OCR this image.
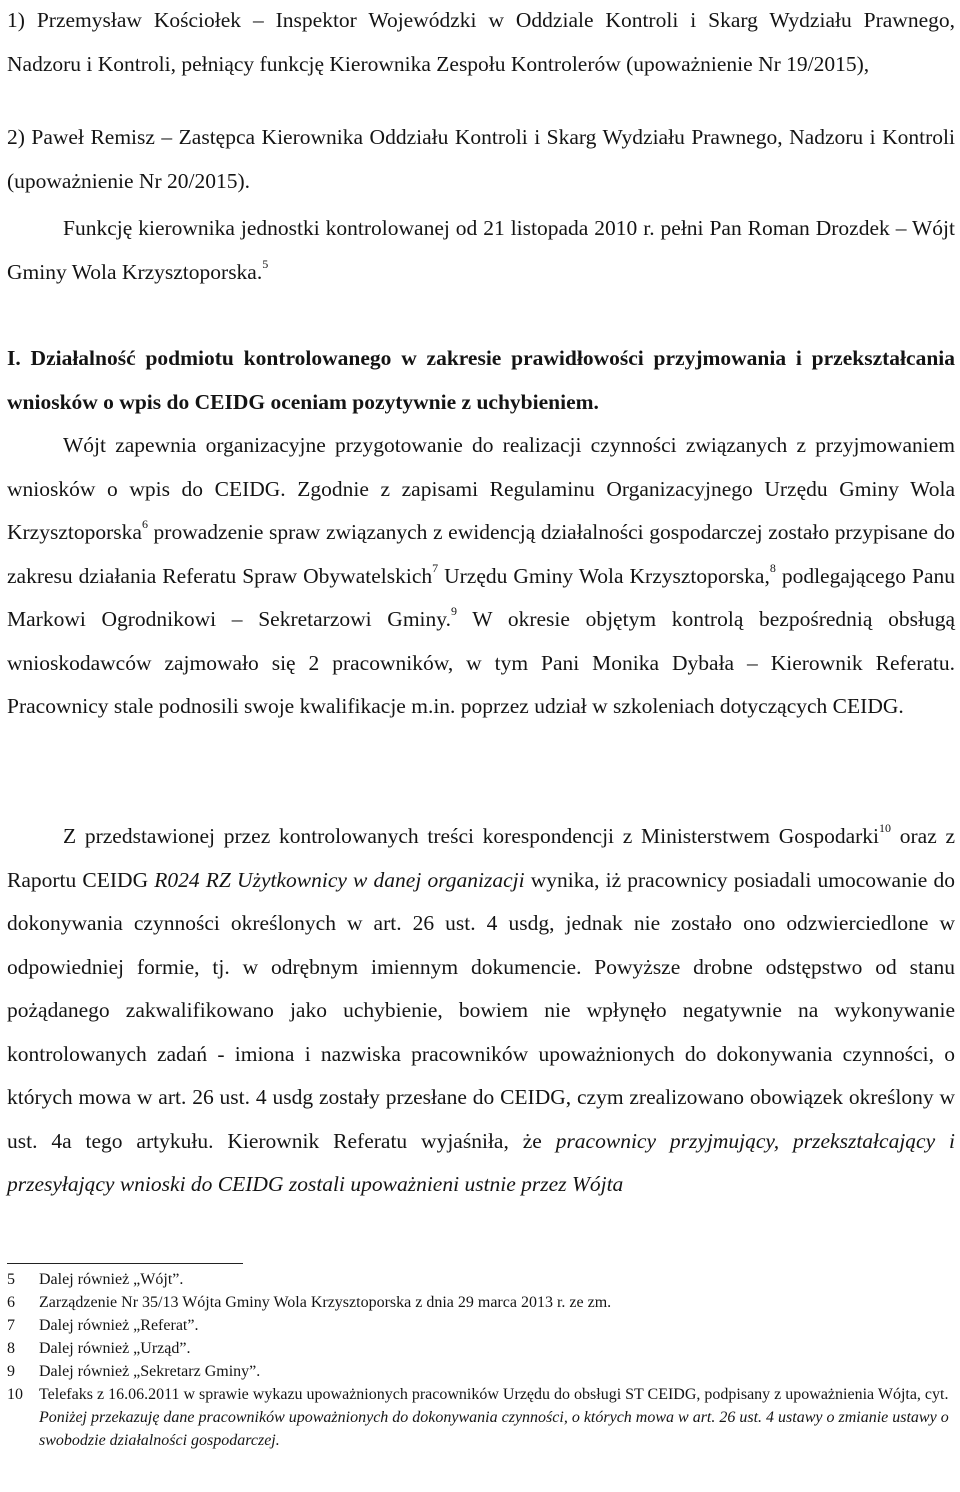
1) Przemysław Kościołek – Inspektor Wojewódzki w Oddziale Kontroli i Skarg Wydziału Prawnego, Nadzoru i Kontroli, pełniący funkcję Kierownika Zespołu Kontrolerów (upoważnienie Nr 19/2015),

2) Paweł Remisz – Zastępca Kierownika Oddziału Kontroli i Skarg Wydziału Prawnego, Nadzoru i Kontroli (upoważnienie Nr 20/2015).

Funkcję kierownika jednostki kontrolowanej od 21 listopada 2010 r. pełni Pan Roman Drozdek – Wójt Gminy Wola Krzysztoporska.$^5$

I. Działalność podmiotu kontrolowanego w zakresie prawidłowości przyjmowania i przekształcania wniosków o wpis do CEIDG oceniam pozytywnie z uchybieniem.

Wójt zapewnia organizacyjne przygotowanie do realizacji czynności związanych z przyjmowaniem wniosków o wpis do CEIDG. Zgodnie z zapisami Regulaminu Organizacyjnego Urzędu Gminy Wola Krzysztoporska$^6$ prowadzenie spraw związanych z ewidencją działalności gospodarczej zostało przypisane do zakresu działania Referatu Spraw Obywatelskich$^7$ Urzędu Gminy Wola Krzysztoporska,$^8$ podlegającego Panu Markowi Ogrodnikowi – Sekretarzowi Gminy.$^9$ W okresie objętym kontrolą bezpośrednią obsługą wnioskodawców zajmowało się 2 pracowników, w tym Pani Monika Dybała – Kierownik Referatu. Pracownicy stale podnosili swoje kwalifikacje m.in. poprzez udział w szkoleniach dotyczących CEIDG.

Z przedstawionej przez kontrolowanych treści korespondencji z Ministerstwem Gospodarki$^{10}$ oraz z Raportu CEIDG R024 RZ Użytkownicy w danej organizacji wynika, iż pracownicy posiadali umocowanie do dokonywania czynności określonych w art. 26 ust. 4 usdg, jednak nie zostało ono odzwierciedlone w odpowiedniej formie, tj. w odrębnym imiennym dokumencie. Powyższe drobne odstępstwo od stanu pożądanego zakwalifikowano jako uchybienie, bowiem nie wpłynęło negatywnie na wykonywanie kontrolowanych zadań - imiona i nazwiska pracowników upoważnionych do dokonywania czynności, o których mowa w art. 26 ust. 4 usdg zostały przesłane do CEIDG, czym zrealizowano obowiązek określony w ust. 4a tego artykułu. Kierownik Referatu wyjaśniła, że pracownicy przyjmujący, przekształcający i przesyłający wnioski do CEIDG zostali upoważnieni ustnie przez Wójta

5 Dalej również „Wójt”.
6 Zarządzenie Nr 35/13 Wójta Gminy Wola Krzysztoporska z dnia 29 marca 2013 r. ze zm.
7 Dalej również „Referat”.
8 Dalej również „Urząd”.
9 Dalej również „Sekretarz Gminy”.
10 Telefaks z 16.06.2011 w sprawie wykazu upoważnionych pracowników Urzędu do obsługi ST CEIDG, podpisany z upoważnienia Wójta, cyt. Poniżej przekazuję dane pracowników upoważnionych do dokonywania czynności, o których mowa w art. 26 ust. 4 ustawy o zmianie ustawy o swobodzie działalności gospodarczej.
